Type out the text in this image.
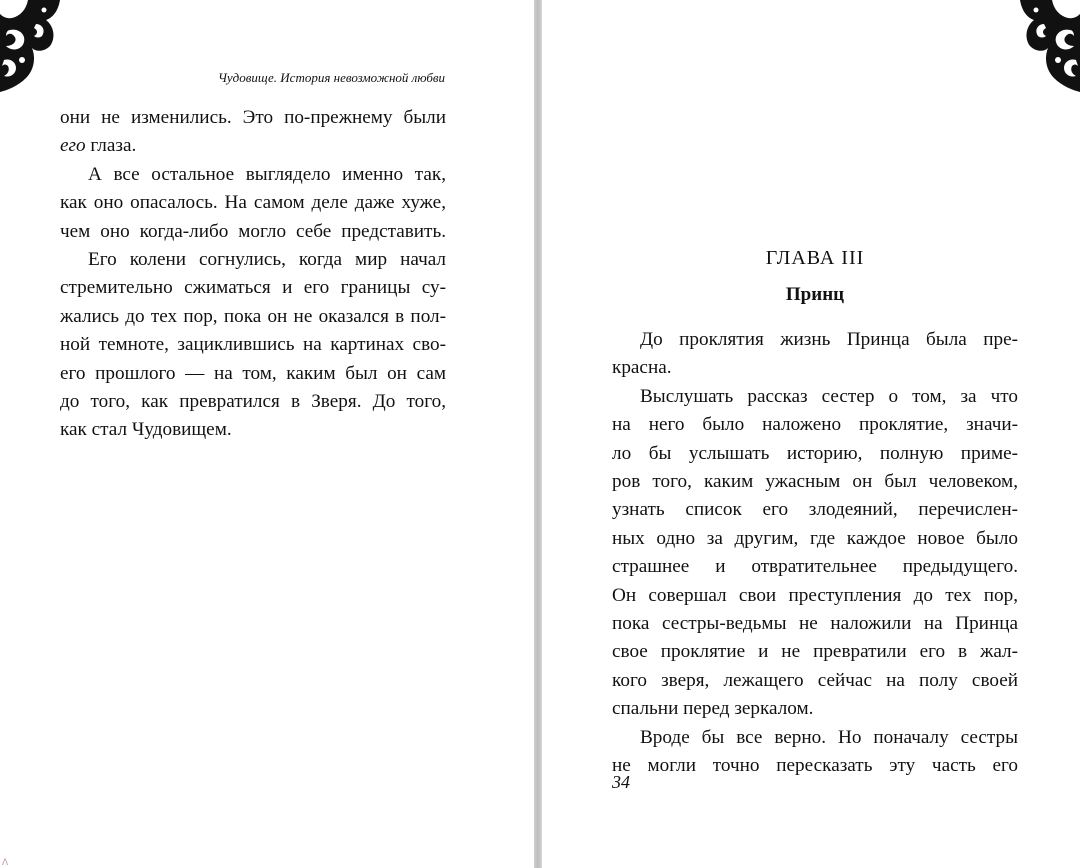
Чудовище. История невозможной любви
они не изменились. Это по-прежнему были
его глаза.
А все остальное выглядело именно так,
как оно опасалось. На самом деле даже хуже,
чем оно когда-либо могло себе представить.
Его колени согнулись, когда мир начал
стремительно сжиматься и его границы су-
жались до тех пор, пока он не оказался в пол-
ной темноте, зациклившись на картинах сво-
его прошлого — на том, каким был он сам
до того, как превратился в Зверя. До того,
как стал Чудовищем.
ГЛАВА III
Принц
До проклятия жизнь Принца была пре-
красна.
Выслушать рассказ сестер о том, за что
на него было наложено проклятие, значи-
ло бы услышать историю, полную приме-
ров того, каким ужасным он был человеком,
узнать список его злодеяний, перечислен-
ных одно за другим, где каждое новое было
страшнее и отвратительнее предыдущего.
Он совершал свои преступления до тех пор,
пока сестры-ведьмы не наложили на Принца
свое проклятие и не превратили его в жал-
кого зверя, лежащего сейчас на полу своей
спальни перед зеркалом.
Вроде бы все верно. Но поначалу сестры
не могли точно пересказать эту часть его
34
Λ
